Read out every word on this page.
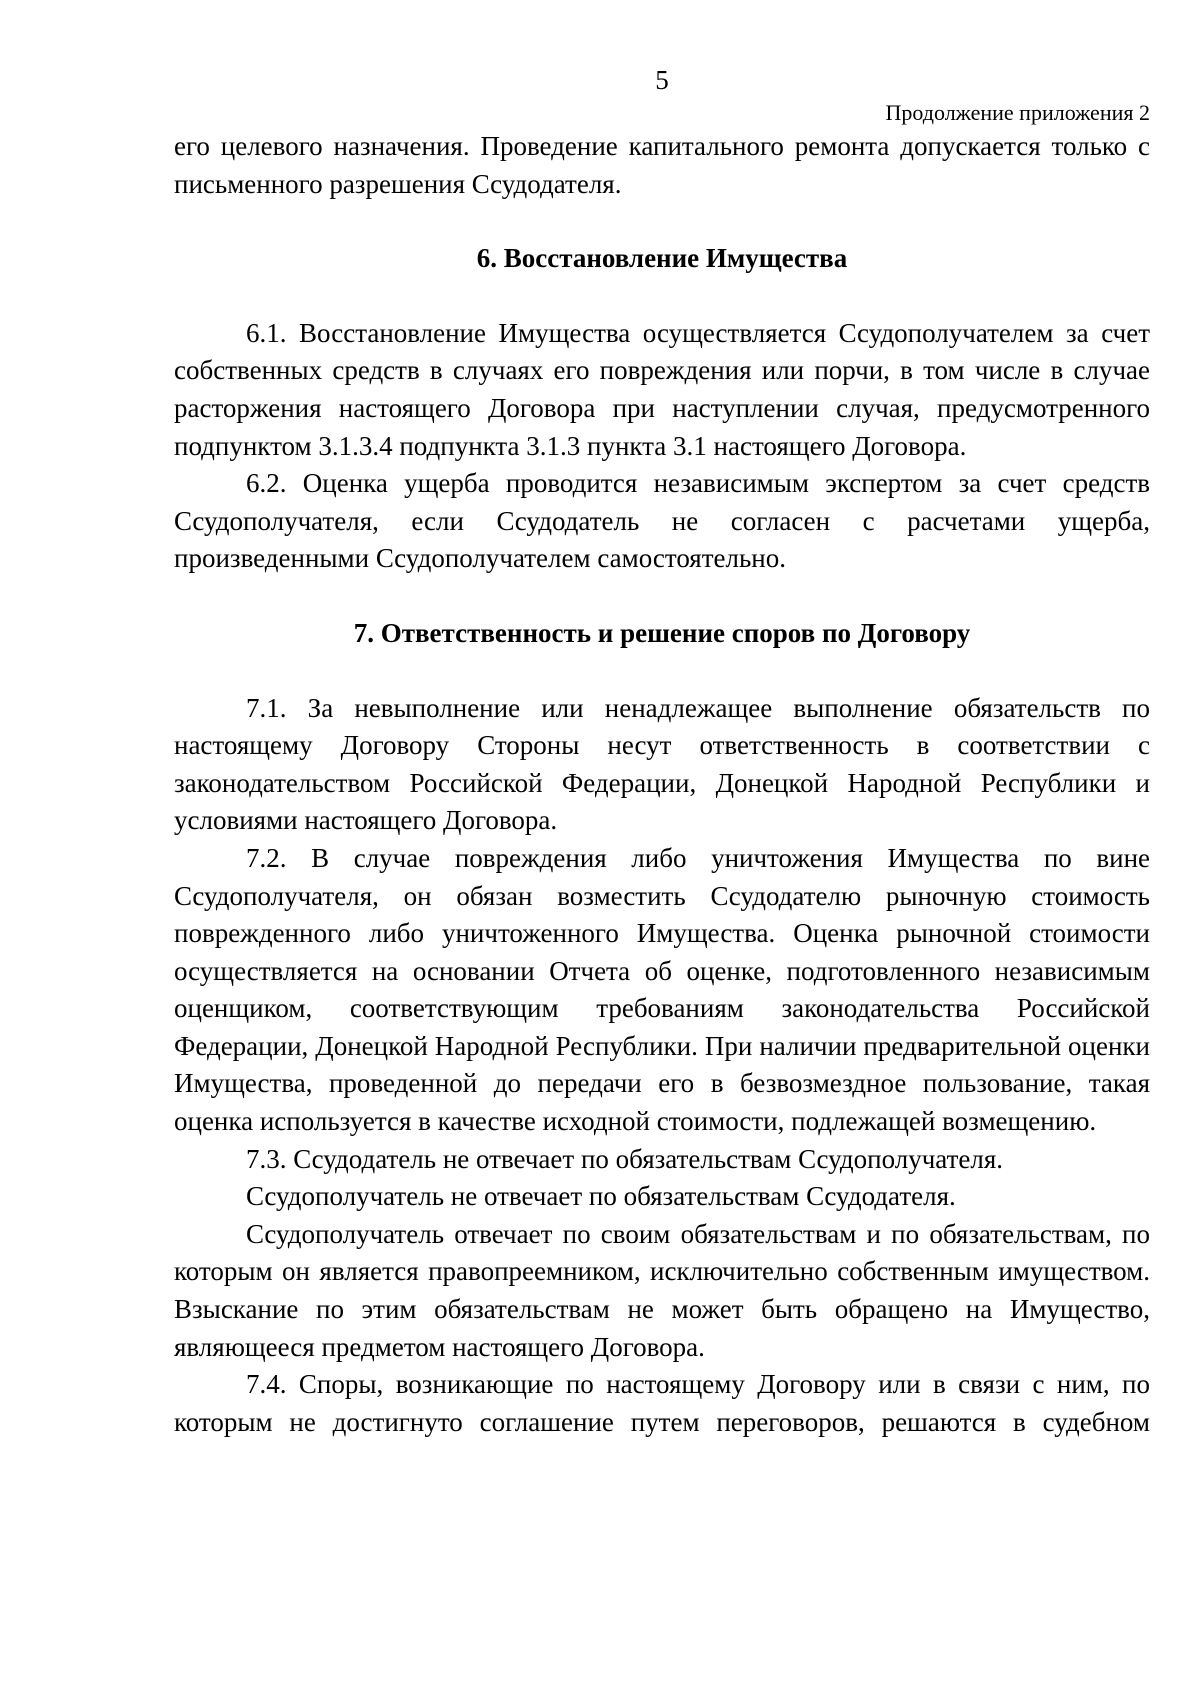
5
Продолжение приложения 2

его целевого назначения. Проведение капитального ремонта допускается только с письменного разрешения Ссудодателя.

6. Восстановление Имущества

6.1. Восстановление Имущества осуществляется Ссудополучателем за счет собственных средств в случаях его повреждения или порчи, в том числе в случае расторжения настоящего Договора при наступлении случая, предусмотренного подпунктом 3.1.3.4 подпункта 3.1.3 пункта 3.1 настоящего Договора.

6.2. Оценка ущерба проводится независимым экспертом за счет средств Ссудополучателя, если Ссудодатель не согласен с расчетами ущерба, произведенными Ссудополучателем самостоятельно.

7. Ответственность и решение споров по Договору

7.1. За невыполнение или ненадлежащее выполнение обязательств по настоящему Договору Стороны несут ответственность в соответствии с законодательством Российской Федерации, Донецкой Народной Республики и условиями настоящего Договора.

7.2. В случае повреждения либо уничтожения Имущества по вине Ссудополучателя, он обязан возместить Ссудодателю рыночную стоимость поврежденного либо уничтоженного Имущества. Оценка рыночной стоимости осуществляется на основании Отчета об оценке, подготовленного независимым оценщиком, соответствующим требованиям законодательства Российской Федерации, Донецкой Народной Республики. При наличии предварительной оценки Имущества, проведенной до передачи его в безвозмездное пользование, такая оценка используется в качестве исходной стоимости, подлежащей возмещению.

7.3. Ссудодатель не отвечает по обязательствам Ссудополучателя.

Ссудополучатель не отвечает по обязательствам Ссудодателя.

Ссудополучатель отвечает по своим обязательствам и по обязательствам, по которым он является правопреемником, исключительно собственным имуществом. Взыскание по этим обязательствам не может быть обращено на Имущество, являющееся предметом настоящего Договора.

7.4. Споры, возникающие по настоящему Договору или в связи с ним, по которым не достигнуто соглашение путем переговоров, решаются в судебном
